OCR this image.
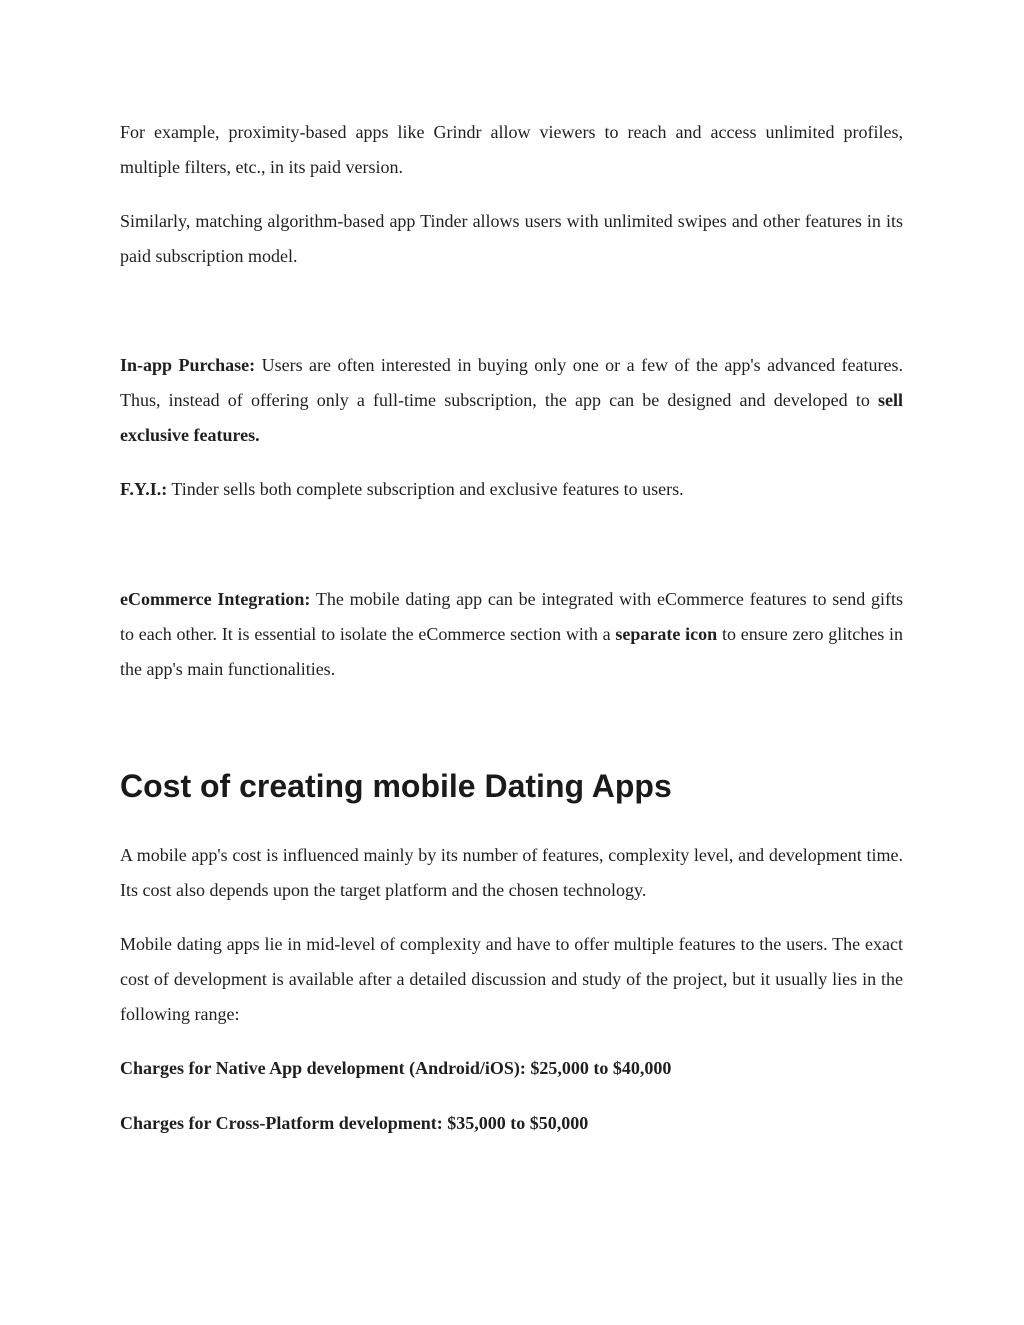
For example, proximity-based apps like Grindr allow viewers to reach and access unlimited profiles, multiple filters, etc., in its paid version.

Similarly, matching algorithm-based app Tinder allows users with unlimited swipes and other features in its paid subscription model.

In-app Purchase: Users are often interested in buying only one or a few of the app's advanced features. Thus, instead of offering only a full-time subscription, the app can be designed and developed to sell exclusive features.

F.Y.I.: Tinder sells both complete subscription and exclusive features to users.

eCommerce Integration: The mobile dating app can be integrated with eCommerce features to send gifts to each other. It is essential to isolate the eCommerce section with a separate icon to ensure zero glitches in the app's main functionalities.

Cost of creating mobile Dating Apps

A mobile app's cost is influenced mainly by its number of features, complexity level, and development time. Its cost also depends upon the target platform and the chosen technology.

Mobile dating apps lie in mid-level of complexity and have to offer multiple features to the users. The exact cost of development is available after a detailed discussion and study of the project, but it usually lies in the following range:

Charges for Native App development (Android/iOS): $25,000 to $40,000

Charges for Cross-Platform development: $35,000 to $50,000
